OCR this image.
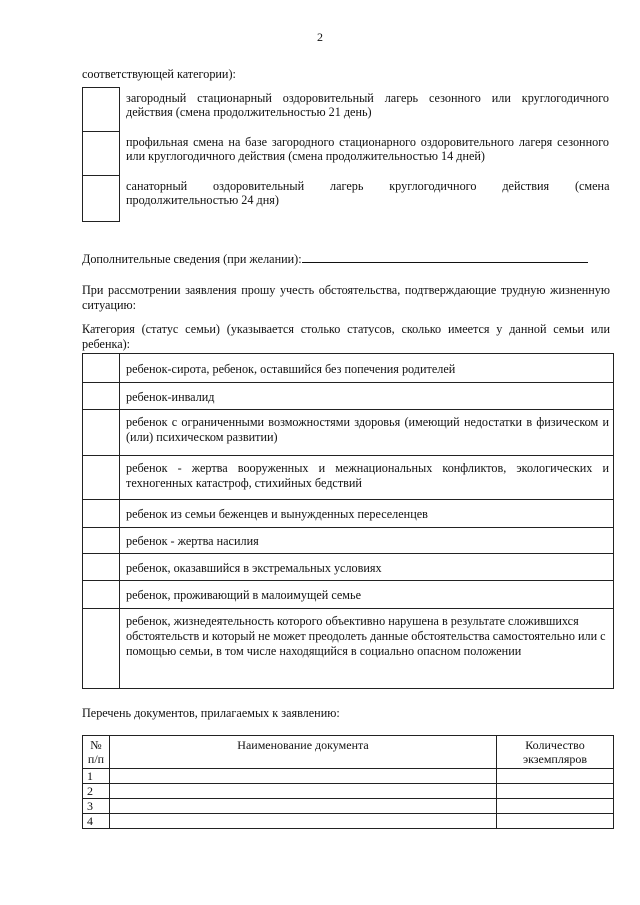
2
соответствующей категории):
	загородный стационарный оздоровительный лагерь сезонного или круглогодичного действия (смена продолжительностью 21 день)
	профильная смена на базе загородного стационарного оздоровительного лагеря сезонного или круглогодичного действия (смена продолжительностью 14 дней)
	санаторный оздоровительный лагерь круглогодичного действия (смена продолжительностью 24 дня)
Дополнительные сведения (при желании):
При рассмотрении заявления прошу учесть обстоятельства, подтверждающие трудную жизненную ситуацию:
Категория (статус семьи) (указывается столько статусов, сколько имеется у данной семьи или ребенка):
	ребенок-сирота, ребенок, оставшийся без попечения родителей
	ребенок-инвалид
	ребенок с ограниченными возможностями здоровья (имеющий недостатки в физическом и (или) психическом развитии)
	ребенок - жертва вооруженных и межнациональных конфликтов, экологических и техногенных катастроф, стихийных бедствий
	ребенок из семьи беженцев и вынужденных переселенцев
	ребенок - жертва насилия
	ребенок, оказавшийся в экстремальных условиях
	ребенок, проживающий в малоимущей семье
	ребенок, жизнедеятельность которого объективно нарушена в результате сложившихся обстоятельств и который не может преодолеть данные обстоятельства самостоятельно или с помощью семьи, в том числе находящийся в социально опасном положении
Перечень документов, прилагаемых к заявлению:
№ п/п	Наименование документа	Количество экземпляров
1		
2		
3		
4		
